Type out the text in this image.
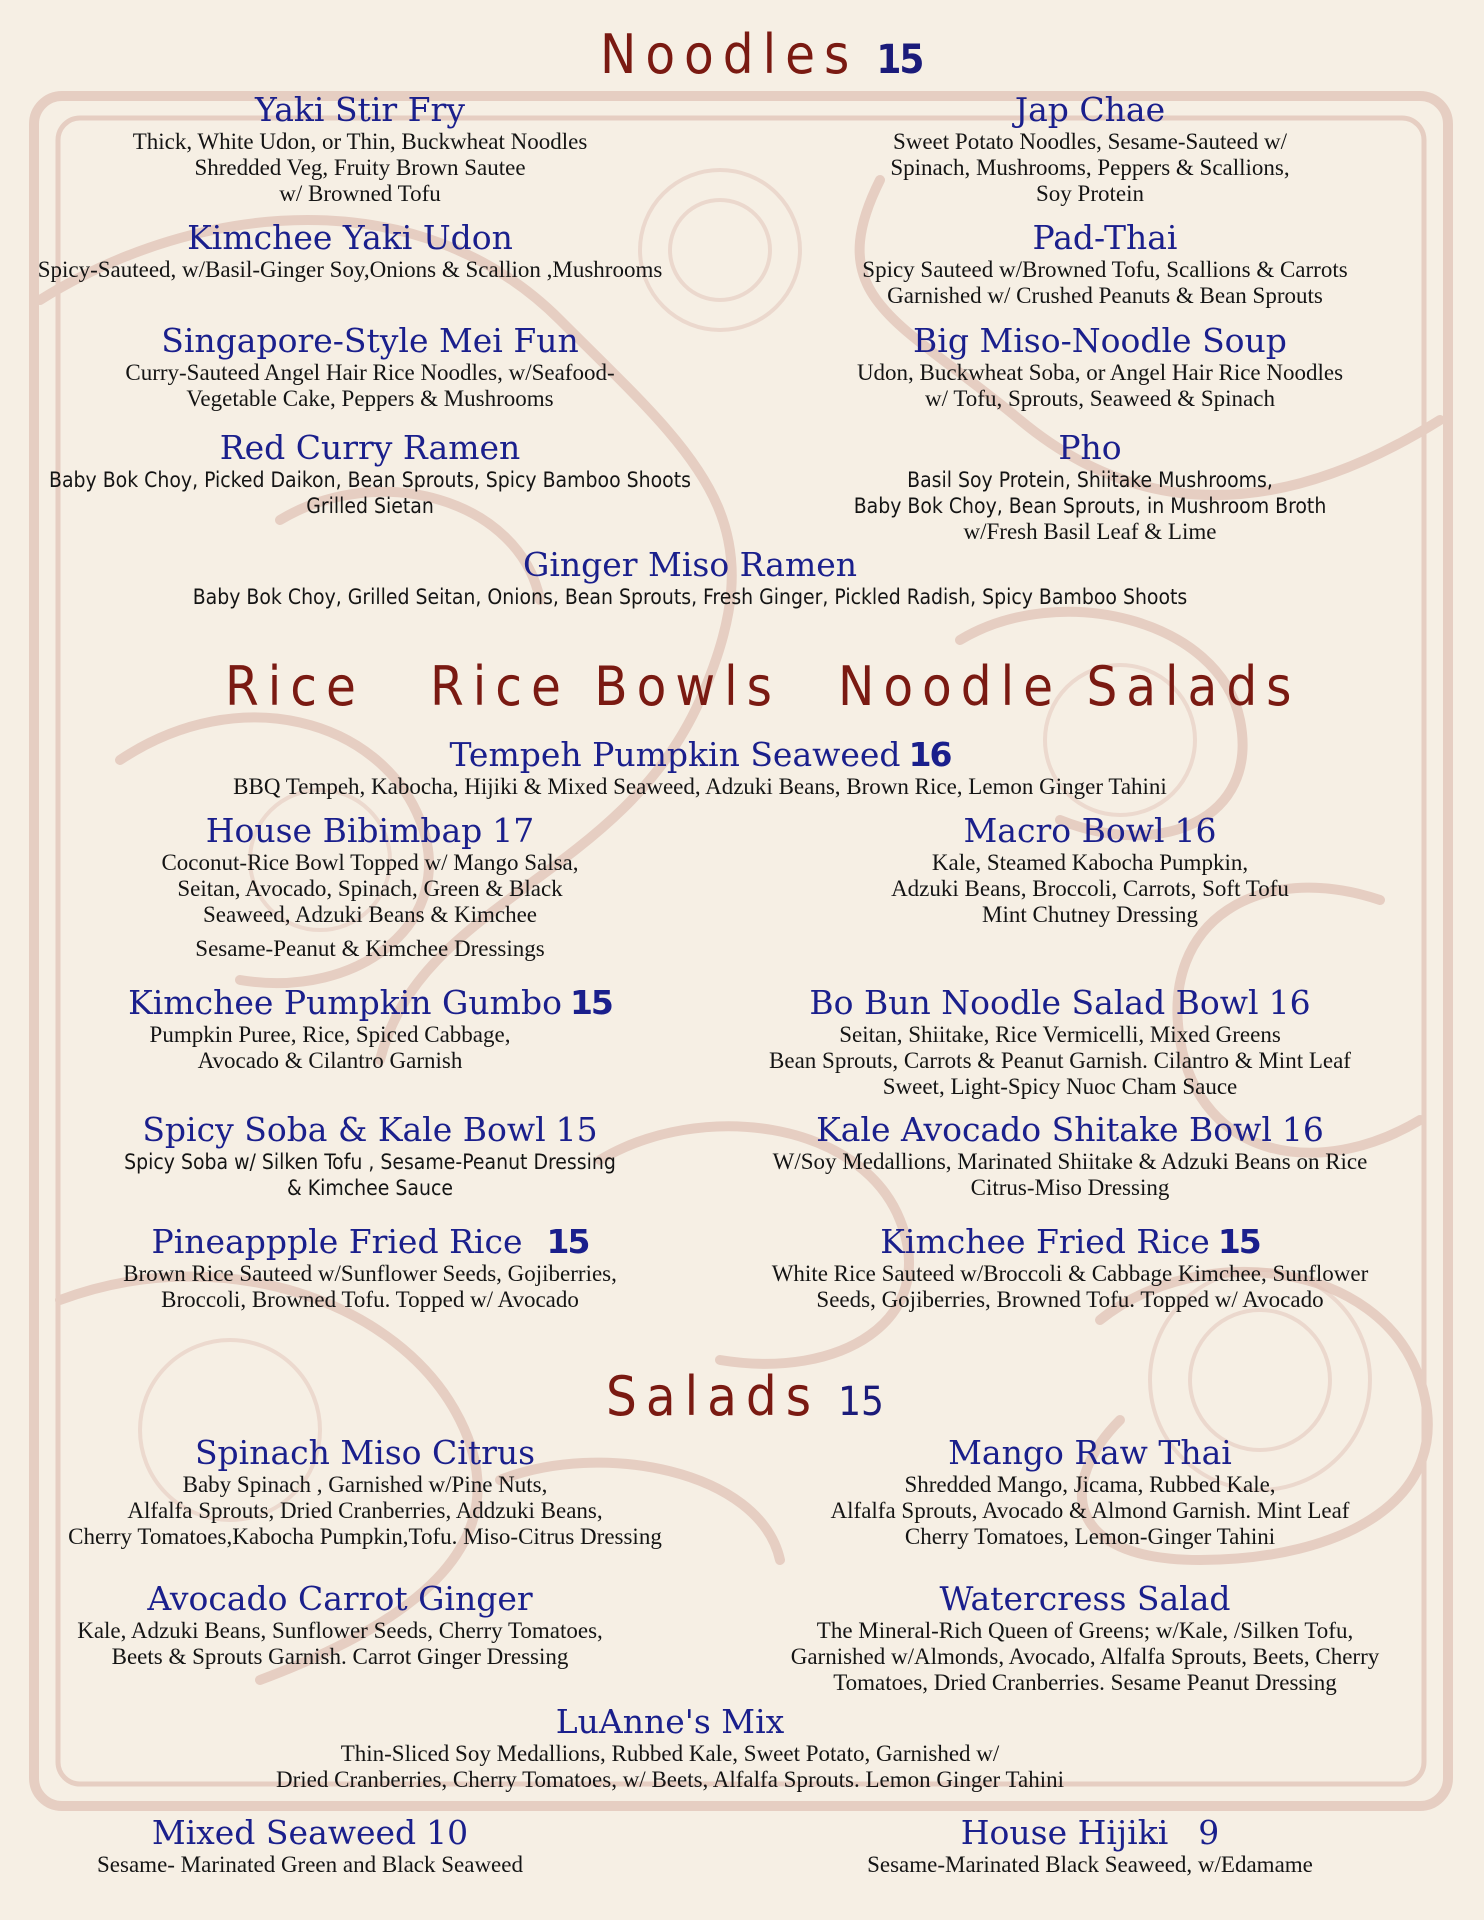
Noodles 15
Yaki Stir Fry
Thick, White Udon, or Thin, Buckwheat Noodles
Shredded Veg, Fruity Brown Sautee
w/ Browned Tofu
Jap Chae
Sweet Potato Noodles, Sesame-Sauteed w/
Spinach, Mushrooms, Peppers & Scallions,
Soy Protein
Kimchee Yaki Udon
Spicy-Sauteed, w/Basil-Ginger Soy,Onions & Scallion ,Mushrooms
Pad-Thai
Spicy Sauteed w/Browned Tofu, Scallions & Carrots
Garnished w/ Crushed Peanuts & Bean Sprouts
Singapore-Style Mei Fun
Curry-Sauteed Angel Hair Rice Noodles, w/Seafood-
Vegetable Cake, Peppers & Mushrooms
Big Miso-Noodle Soup
Udon, Buckwheat Soba, or Angel Hair Rice Noodles
w/ Tofu, Sprouts, Seaweed & Spinach
Red Curry Ramen
Baby Bok Choy, Picked Daikon, Bean Sprouts, Spicy Bamboo Shoots
Grilled Sietan
Pho
Basil Soy Protein, Shiitake Mushrooms,
Baby Bok Choy, Bean Sprouts, in Mushroom Broth
w/Fresh Basil Leaf & Lime
Ginger Miso Ramen
Baby Bok Choy, Grilled Seitan, Onions, Bean Sprouts, Fresh Ginger, Pickled Radish, Spicy Bamboo Shoots
Rice Rice Bowls Noodle Salads
Tempeh Pumpkin Seaweed 16
BBQ Tempeh, Kabocha, Hijiki & Mixed Seaweed, Adzuki Beans, Brown Rice, Lemon Ginger Tahini
House Bibimbap 17
Coconut-Rice Bowl Topped w/ Mango Salsa,
Seitan, Avocado, Spinach, Green & Black
Seaweed, Adzuki Beans & Kimchee
Sesame-Peanut & Kimchee Dressings
Macro Bowl 16
Kale, Steamed Kabocha Pumpkin,
Adzuki Beans, Broccoli, Carrots, Soft Tofu
Mint Chutney Dressing
Kimchee Pumpkin Gumbo 15
Pumpkin Puree, Rice, Spiced Cabbage,
Avocado & Cilantro Garnish
Bo Bun Noodle Salad Bowl 16
Seitan, Shiitake, Rice Vermicelli, Mixed Greens
Bean Sprouts, Carrots & Peanut Garnish. Cilantro & Mint Leaf
Sweet, Light-Spicy Nuoc Cham Sauce
Spicy Soba & Kale Bowl 15
Spicy Soba w/ Silken Tofu , Sesame-Peanut Dressing
& Kimchee Sauce
Kale Avocado Shitake Bowl 16
W/Soy Medallions, Marinated Shiitake & Adzuki Beans on Rice
Citrus-Miso Dressing
Pineappple Fried Rice 15
Brown Rice Sauteed w/Sunflower Seeds, Gojiberries,
Broccoli, Browned Tofu. Topped w/ Avocado
Kimchee Fried Rice 15
White Rice Sauteed w/Broccoli & Cabbage Kimchee, Sunflower
Seeds, Gojiberries, Browned Tofu. Topped w/ Avocado
Salads 15
Spinach Miso Citrus
Baby Spinach , Garnished w/Pine Nuts,
Alfalfa Sprouts, Dried Cranberries, Addzuki Beans,
Cherry Tomatoes,Kabocha Pumpkin,Tofu. Miso-Citrus Dressing
Mango Raw Thai
Shredded Mango, Jicama, Rubbed Kale,
Alfalfa Sprouts, Avocado & Almond Garnish. Mint Leaf
Cherry Tomatoes, Lemon-Ginger Tahini
Avocado Carrot Ginger
Kale, Adzuki Beans, Sunflower Seeds, Cherry Tomatoes,
Beets & Sprouts Garnish. Carrot Ginger Dressing
Watercress Salad
The Mineral-Rich Queen of Greens; w/Kale, /Silken Tofu,
Garnished w/Almonds, Avocado, Alfalfa Sprouts, Beets, Cherry
Tomatoes, Dried Cranberries. Sesame Peanut Dressing
LuAnne's Mix
Thin-Sliced Soy Medallions, Rubbed Kale, Sweet Potato, Garnished w/
Dried Cranberries, Cherry Tomatoes, w/ Beets, Alfalfa Sprouts. Lemon Ginger Tahini
Mixed Seaweed 10
Sesame- Marinated Green and Black Seaweed
House Hijiki 9
Sesame-Marinated Black Seaweed, w/Edamame
